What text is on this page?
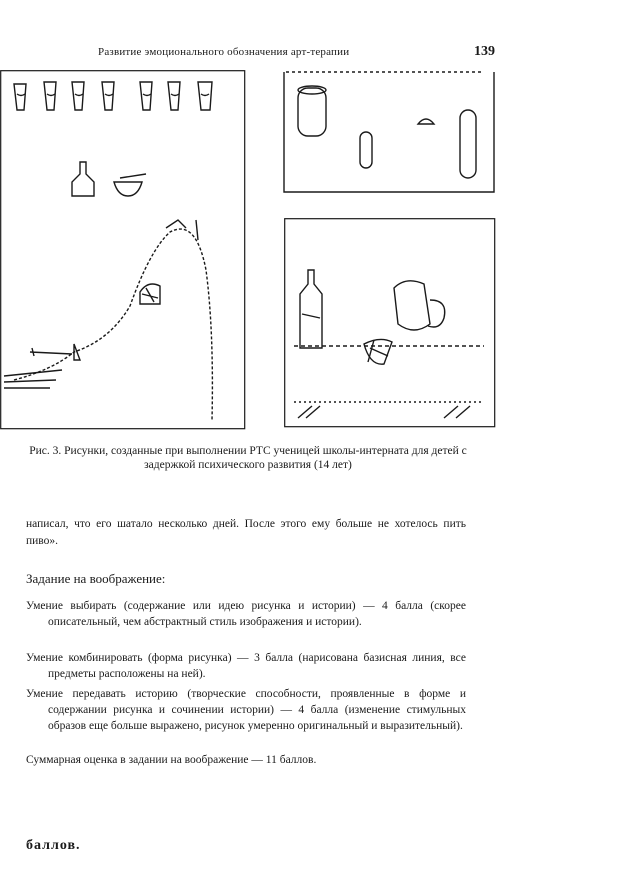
Развитие эмоционального обозначения арт-терапии	139
Рис. 3. Рисунки, созданные при выполнении РТС ученицей школы-интерната для детей с задержкой психического развития (14 лет)
написал, что его шатало несколько дней. После этого ему больше не хотелось пить пиво».
Задание на воображение:
Умение выбирать (содержание или идею рисунка и истории) — 4 балла (скорее описательный, чем абстрактный стиль изображения и истории).
Умение комбинировать (форма рисунка) — 3 балла (нарисована базисная линия, все предметы расположены на ней).
Умение передавать историю (творческие способности, проявленные в форме и содержании рисунка и сочинении истории) — 4 балла (изменение стимульных образов еще больше выражено, рисунок умеренно оригинальный и выразительный).
Суммарная оценка в задании на воображение — 11 баллов.
баллов.
